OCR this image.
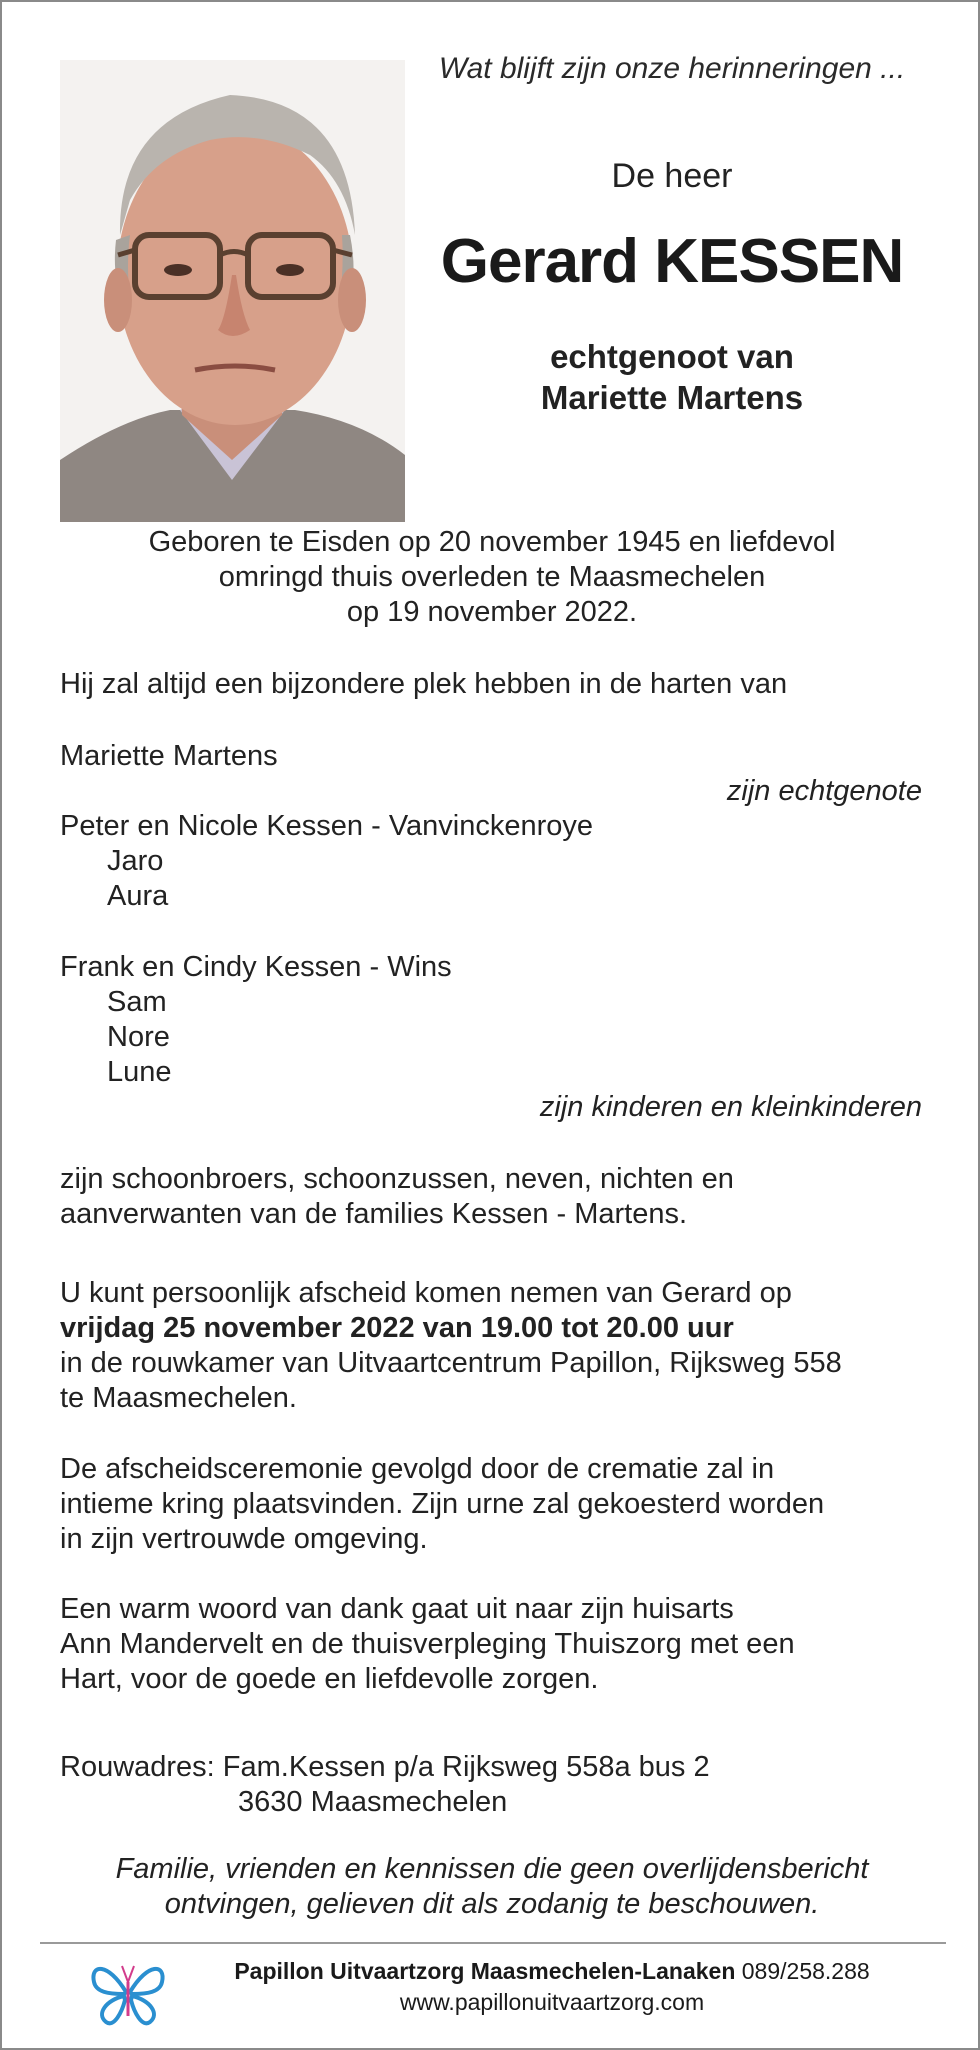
Wat blijft zijn onze herinneringen ...
De heer
Gerard KESSEN
echtgenoot van
Mariette Martens
Geboren te Eisden op 20 november 1945 en liefdevol
omringd thuis overleden te Maasmechelen
op 19 november 2022.
Hij zal altijd een bijzondere plek hebben in de harten van
Mariette Martens
zijn echtgenote
Peter en Nicole Kessen - Vanvinckenroye
Jaro
Aura
Frank en Cindy Kessen - Wins
Sam
Nore
Lune
zijn kinderen en kleinkinderen
zijn schoonbroers, schoonzussen, neven, nichten en
aanverwanten van de families Kessen - Martens.
U kunt persoonlijk afscheid komen nemen van Gerard op
vrijdag 25 november 2022 van 19.00 tot 20.00 uur
in de rouwkamer van Uitvaartcentrum Papillon, Rijksweg 558
te Maasmechelen.
De afscheidsceremonie gevolgd door de crematie zal in
intieme kring plaatsvinden. Zijn urne zal gekoesterd worden
in zijn vertrouwde omgeving.
Een warm woord van dank gaat uit naar zijn huisarts
Ann Mandervelt en de thuisverpleging Thuiszorg met een
Hart, voor de goede en liefdevolle zorgen.
Rouwadres: Fam.Kessen p/a Rijksweg 558a bus 2
3630 Maasmechelen
Familie, vrienden en kennissen die geen overlijdensbericht
ontvingen, gelieven dit als zodanig te beschouwen.
Papillon Uitvaartzorg Maasmechelen-Lanaken 089/258.288
www.papillonuitvaartzorg.com
